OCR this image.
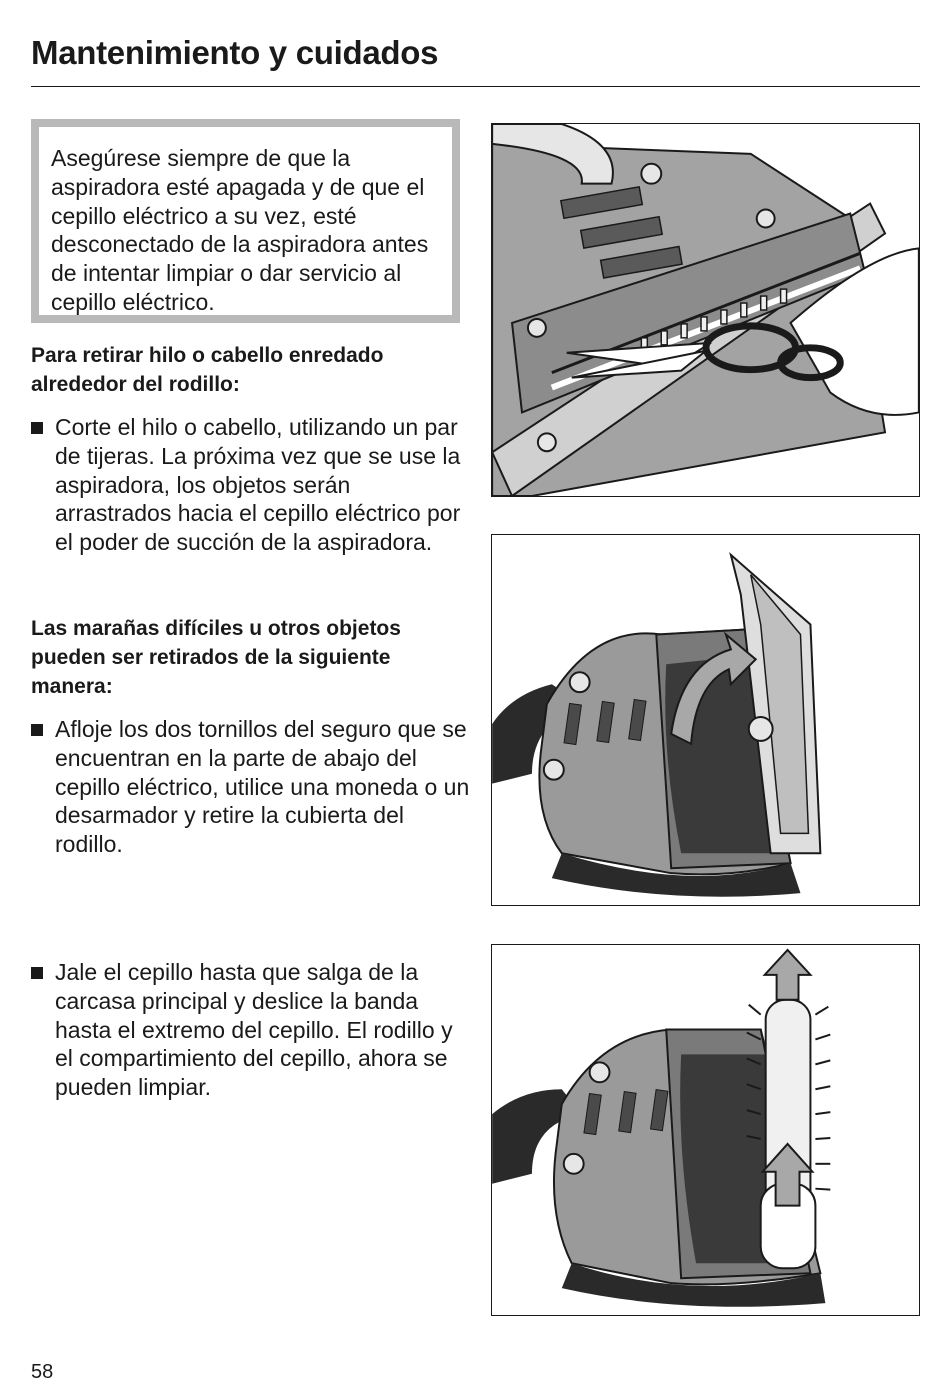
Mantenimiento y cuidados

Asegúrese siempre de que la aspiradora esté apagada y de que el cepillo eléctrico a su vez, esté desconectado de la aspiradora antes de intentar limpiar o dar servicio al cepillo eléctrico.

Para retirar hilo o cabello enredado alrededor del rodillo:
Corte el hilo o cabello, utilizando un par de tijeras. La próxima vez que se use la aspiradora, los objetos serán arrastrados hacia el cepillo eléctrico por el poder de succión de la aspiradora.
Las marañas difíciles u otros objetos pueden ser retirados de la siguiente manera:
Afloje los dos tornillos del seguro que se encuentran en la parte de abajo del cepillo eléctrico, utilice una moneda o un desarmador y retire la cubierta del rodillo.
Jale el cepillo hasta que salga de la carcasa principal y deslice la banda hasta el extremo del cepillo. El rodillo y el compartimiento del cepillo, ahora se pueden limpiar.
58
